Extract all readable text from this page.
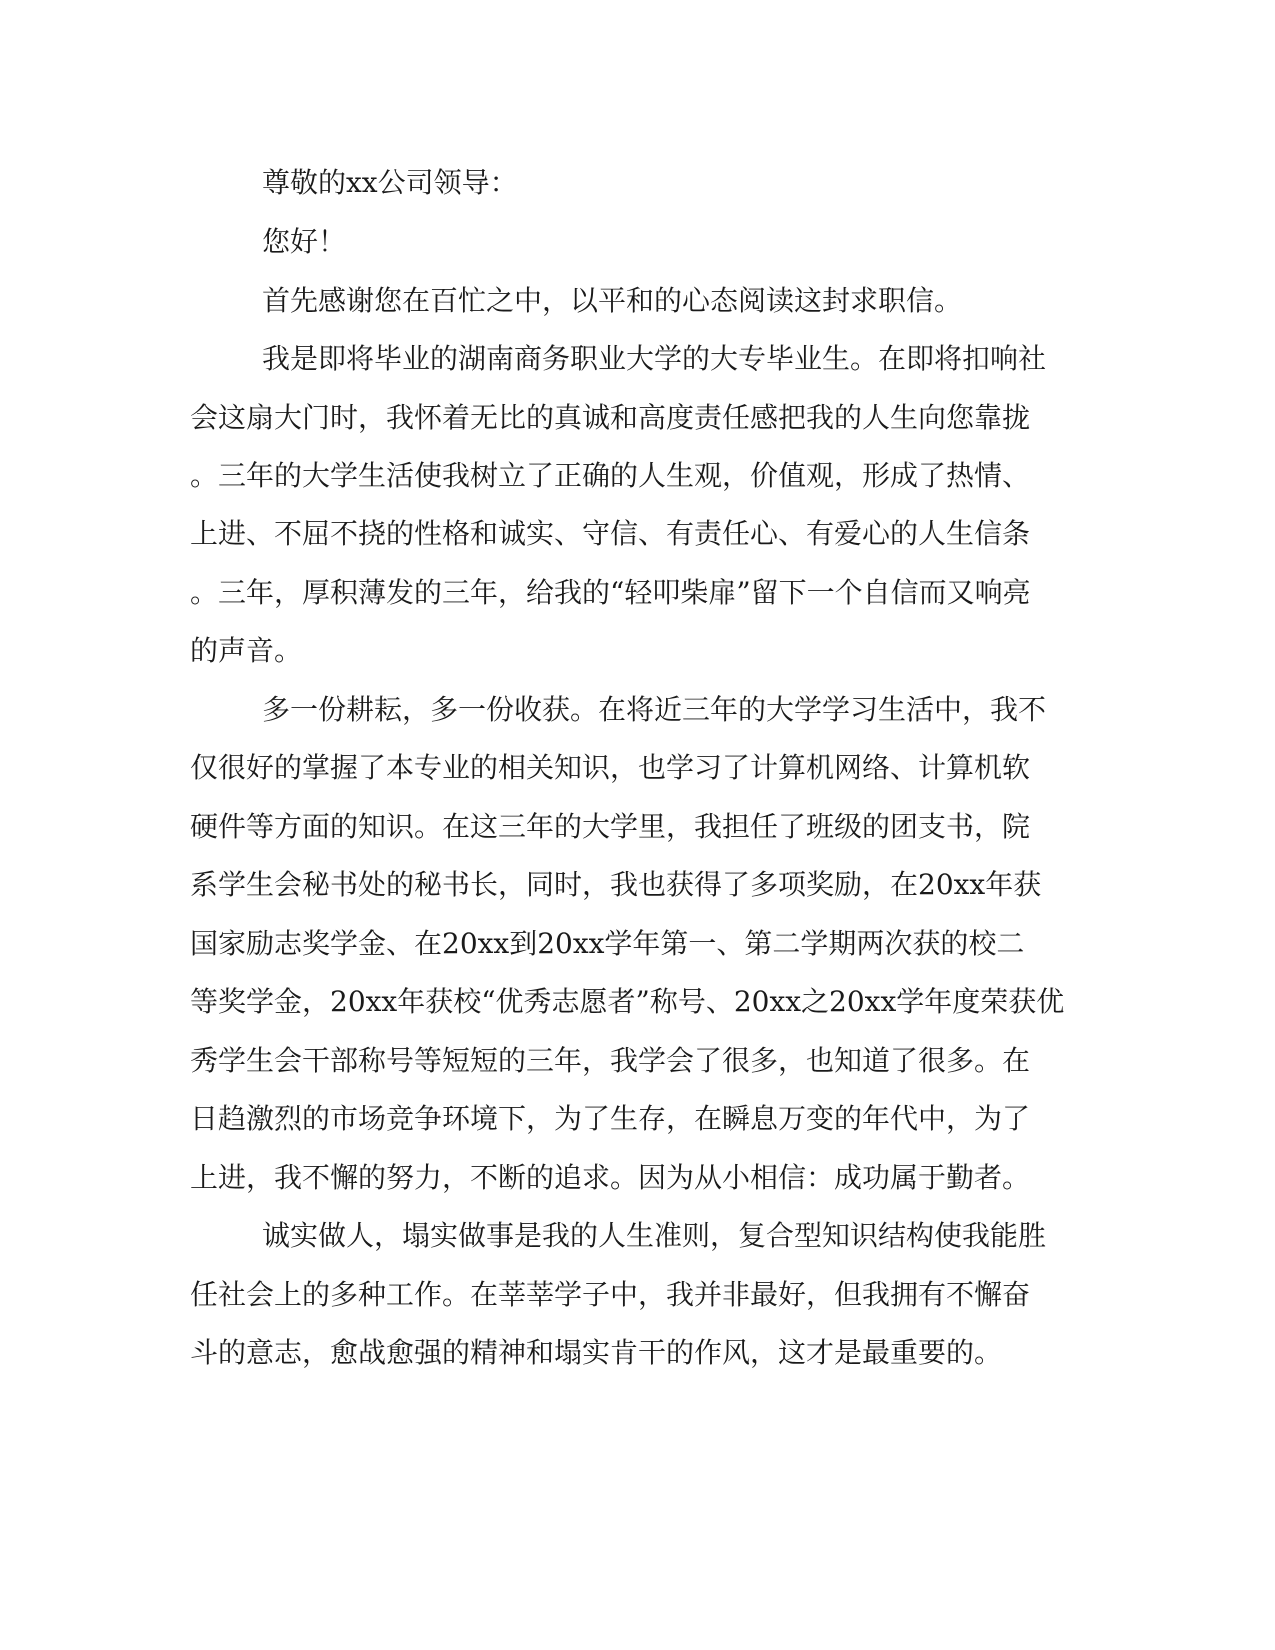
尊敬的xx公司领导：
您好！
首先感谢您在百忙之中，以平和的心态阅读这封求职信。
我是即将毕业的湖南商务职业大学的大专毕业生。在即将扣响社
会这扇大门时，我怀着无比的真诚和高度责任感把我的人生向您靠拢
。三年的大学生活使我树立了正确的人生观，价值观，形成了热情、
上进、不屈不挠的性格和诚实、守信、有责任心、有爱心的人生信条
。三年，厚积薄发的三年，给我的“轻叩柴扉”留下一个自信而又响亮
的声音。
多一份耕耘，多一份收获。在将近三年的大学学习生活中，我不
仅很好的掌握了本专业的相关知识，也学习了计算机网络、计算机软
硬件等方面的知识。在这三年的大学里，我担任了班级的团支书，院
系学生会秘书处的秘书长，同时，我也获得了多项奖励，在20xx年获
国家励志奖学金、在20xx到20xx学年第一、第二学期两次获的校二
等奖学金，20xx年获校“优秀志愿者”称号、20xx之20xx学年度荣获优
秀学生会干部称号等短短的三年，我学会了很多，也知道了很多。在
日趋激烈的市场竞争环境下，为了生存，在瞬息万变的年代中，为了
上进，我不懈的努力，不断的追求。因为从小相信：成功属于勤者。
诚实做人，塌实做事是我的人生准则，复合型知识结构使我能胜
任社会上的多种工作。在莘莘学子中，我并非最好，但我拥有不懈奋
斗的意志，愈战愈强的精神和塌实肯干的作风，这才是最重要的。
